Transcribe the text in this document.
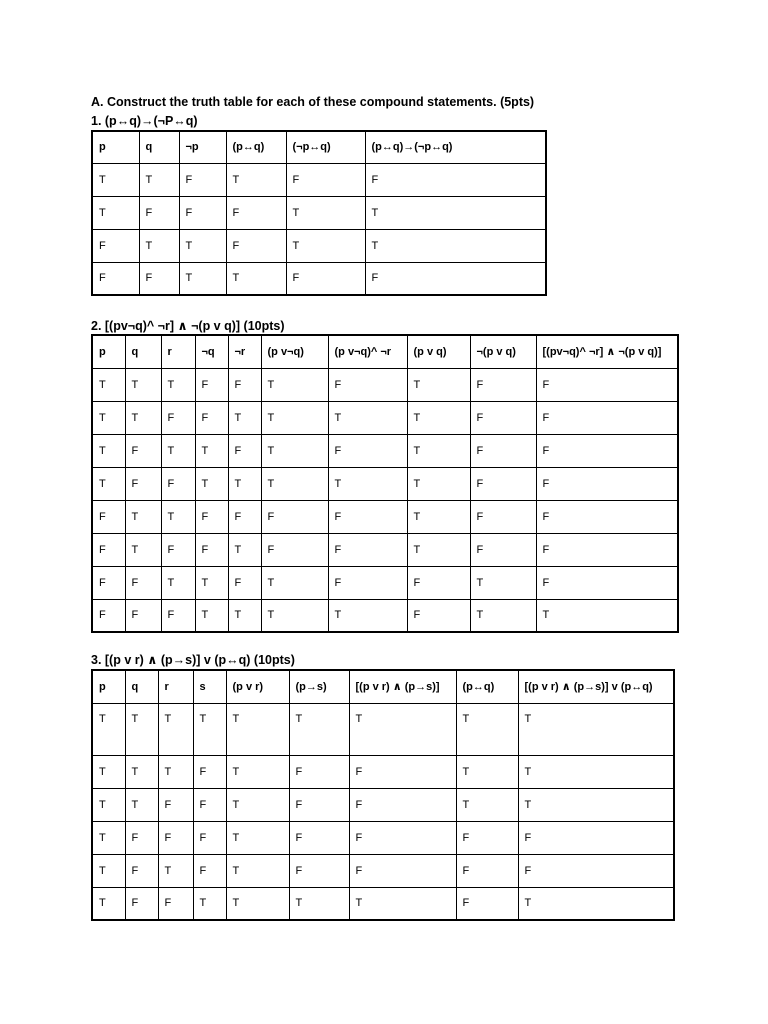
A. Construct the truth table for each of these compound statements. (5pts)
1. (p↔q)→(¬P↔q)
p	q	¬p	(p↔q)	(¬p↔q)	(p↔q)→(¬p↔q)
T	T	F	T	F	F
T	F	F	F	T	T
F	T	T	F	T	T
F	F	T	T	F	F
2. [(pv¬q)^ ¬r] ∧ ¬(p v q)] (10pts)
p	q	r	¬q	¬r	(p v¬q)	(p v¬q)^ ¬r	(p v q)	¬(p v q)	[(pv¬q)^ ¬r] ∧ ¬(p v q)]
T	T	T	F	F	T	F	T	F	F
T	T	F	F	T	T	T	T	F	F
T	F	T	T	F	T	F	T	F	F
T	F	F	T	T	T	T	T	F	F
F	T	T	F	F	F	F	T	F	F
F	T	F	F	T	F	F	T	F	F
F	F	T	T	F	T	F	F	T	F
F	F	F	T	T	T	T	F	T	T
3. [(p v r) ∧ (p→s)] v (p↔q) (10pts)
p	q	r	s	(p v r)	(p→s)	[(p v r) ∧ (p→s)]	(p↔q)	[(p v r) ∧ (p→s)] v (p↔q)
T	T	T	T	T	T	T	T	T
T	T	T	F	T	F	F	T	T
T	T	F	F	T	F	F	T	T
T	F	F	F	T	F	F	F	F
T	F	T	F	T	F	F	F	F
T	F	F	T	T	T	T	F	T
